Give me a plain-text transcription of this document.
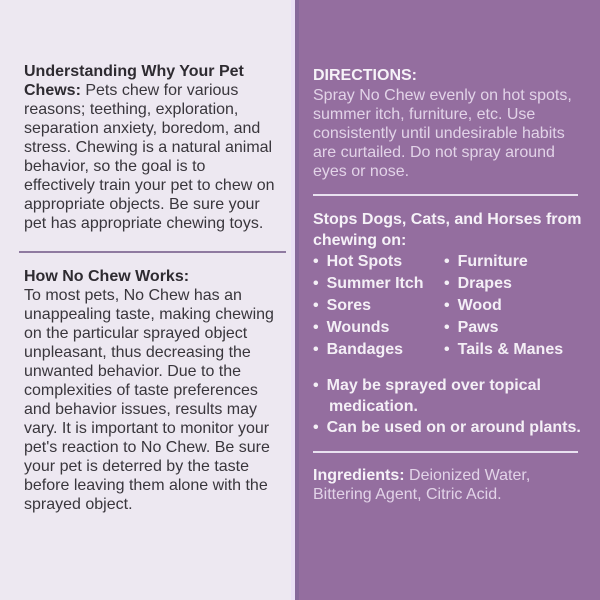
Understanding Why Your Pet Chews: Pets chew for various reasons; teething, exploration, separation anxiety, boredom, and stress. Chewing is a natural animal behavior, so the goal is to effectively train your pet to chew on appropriate objects. Be sure your pet has appropriate chewing toys.

How No Chew Works:
To most pets, No Chew has an unappealing taste, making chewing on the particular sprayed object unpleasant, thus decreasing the unwanted behavior. Due to the complexities of taste preferences and behavior issues, results may vary. It is important to monitor your pet's reaction to No Chew. Be sure your pet is deterred by the taste before leaving them alone with the sprayed object.

DIRECTIONS:

Spray No Chew evenly on hot spots, summer itch, furniture, etc. Use consistently until undesirable habits are curtailed. Do not spray around eyes or nose.

Stops Dogs, Cats, and Horses from chewing on:

• Hot Spots
• Summer Itch
• Sores
• Wounds
• Bandages
• Furniture
• Drapes
• Wood
• Paws
• Tails & Manes
• May be sprayed over topical medication.
• Can be used on or around plants.

Ingredients: Deionized Water, Bittering Agent, Citric Acid.
